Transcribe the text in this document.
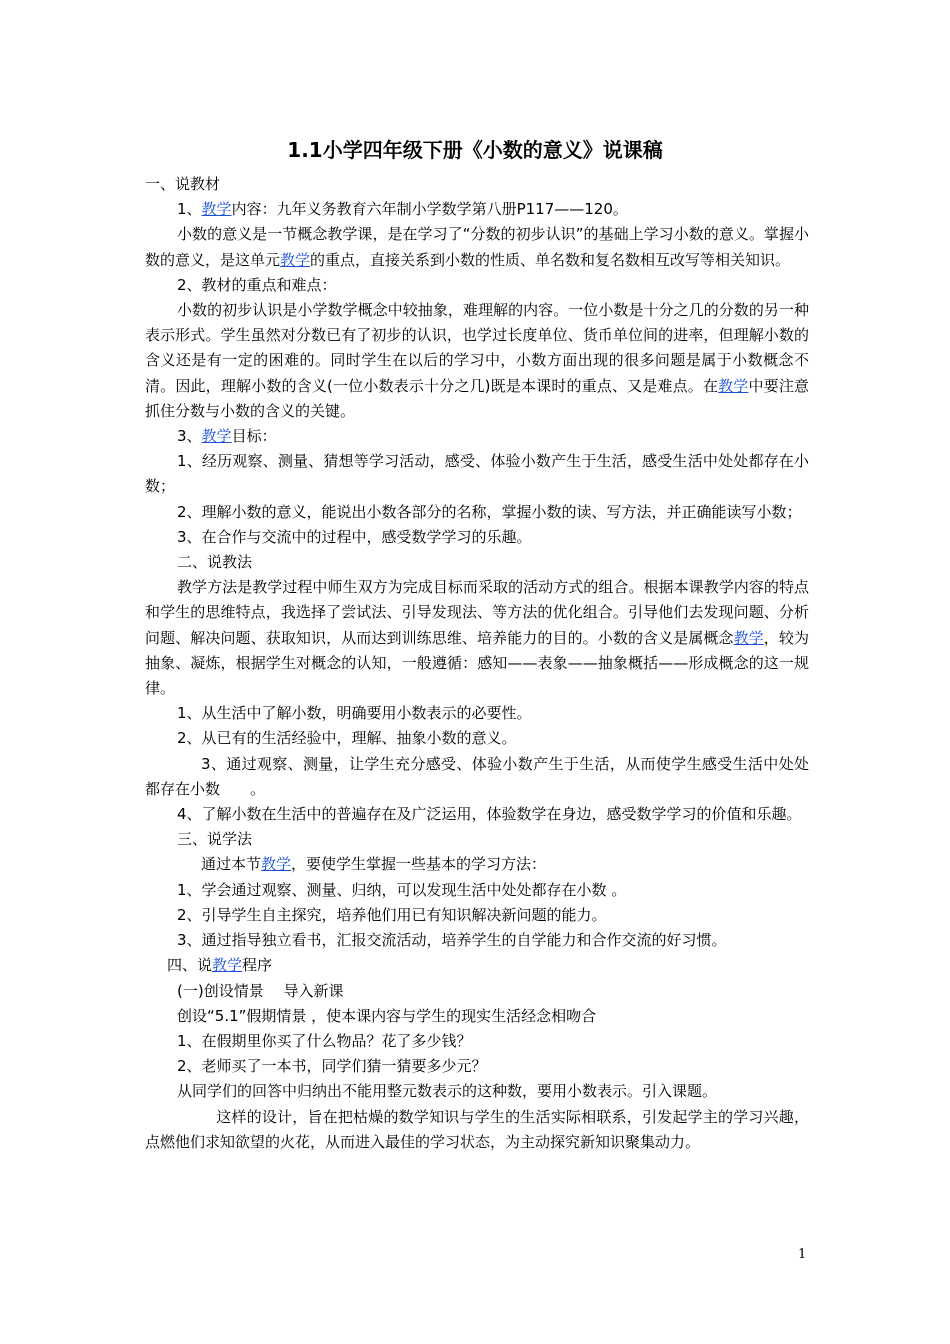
1.1小学四年级下册《小数的意义》说课稿

一、说教材

1、教学内容：九年义务教育六年制小学数学第八册P117——120。

小数的意义是一节概念教学课，是在学习了“分数的初步认识”的基础上学习小数的意义。掌握小数的意义，是这单元教学的重点，直接关系到小数的性质、单名数和复名数相互改写等相关知识。

2、教材的重点和难点：

小数的初步认识是小学数学概念中较抽象，难理解的内容。一位小数是十分之几的分数的另一种表示形式。学生虽然对分数已有了初步的认识，也学过长度单位、货币单位间的进率，但理解小数的含义还是有一定的困难的。同时学生在以后的学习中，小数方面出现的很多问题是属于小数概念不清。因此，理解小数的含义(一位小数表示十分之几)既是本课时的重点、又是难点。在教学中要注意抓住分数与小数的含义的关键。

3、教学目标：

1、经历观察、测量、猜想等学习活动，感受、体验小数产生于生活，感受生活中处处都存在小数；

2、理解小数的意义，能说出小数各部分的名称，掌握小数的读、写方法，并正确能读写小数；

3、在合作与交流中的过程中，感受数学学习的乐趣。

二、说教法

教学方法是教学过程中师生双方为完成目标而采取的活动方式的组合。根据本课教学内容的特点和学生的思维特点，我选择了尝试法、引导发现法、等方法的优化组合。引导他们去发现问题、分析问题、解决问题、获取知识，从而达到训练思维、培养能力的目的。小数的含义是属概念教学，较为抽象、凝炼，根据学生对概念的认知，一般遵循：感知——表象——抽象概括——形成概念的这一规律。

1、从生活中了解小数，明确要用小数表示的必要性。

2、从已有的生活经验中，理解、抽象小数的意义。

3、通过观察、测量，让学生充分感受、体验小数产生于生活，从而使学生感受生活中处处都存在小数　　。

4、了解小数在生活中的普遍存在及广泛运用，体验数学在身边，感受数学学习的价值和乐趣。

三、说学法

通过本节教学，要使学生掌握一些基本的学习方法：

1、学会通过观察、测量、归纳，可以发现生活中处处都存在小数 。

2、引导学生自主探究，培养他们用已有知识解决新问题的能力。

3、通过指导独立看书，汇报交流活动，培养学生的自学能力和合作交流的好习惯。

四、说教学程序

(一)创设情景　 导入新课

创设“5.1”假期情景 ，使本课内容与学生的现实生活经念相吻合

1、在假期里你买了什么物品？花了多少钱？

2、老师买了一本书，同学们猜一猜要多少元？

从同学们的回答中归纳出不能用整元数表示的这种数，要用小数表示。引入课题。

　这样的设计，旨在把枯燥的数学知识与学生的生活实际相联系，引发起学主的学习兴趣，点燃他们求知欲望的火花，从而进入最佳的学习状态，为主动探究新知识聚集动力。

1
